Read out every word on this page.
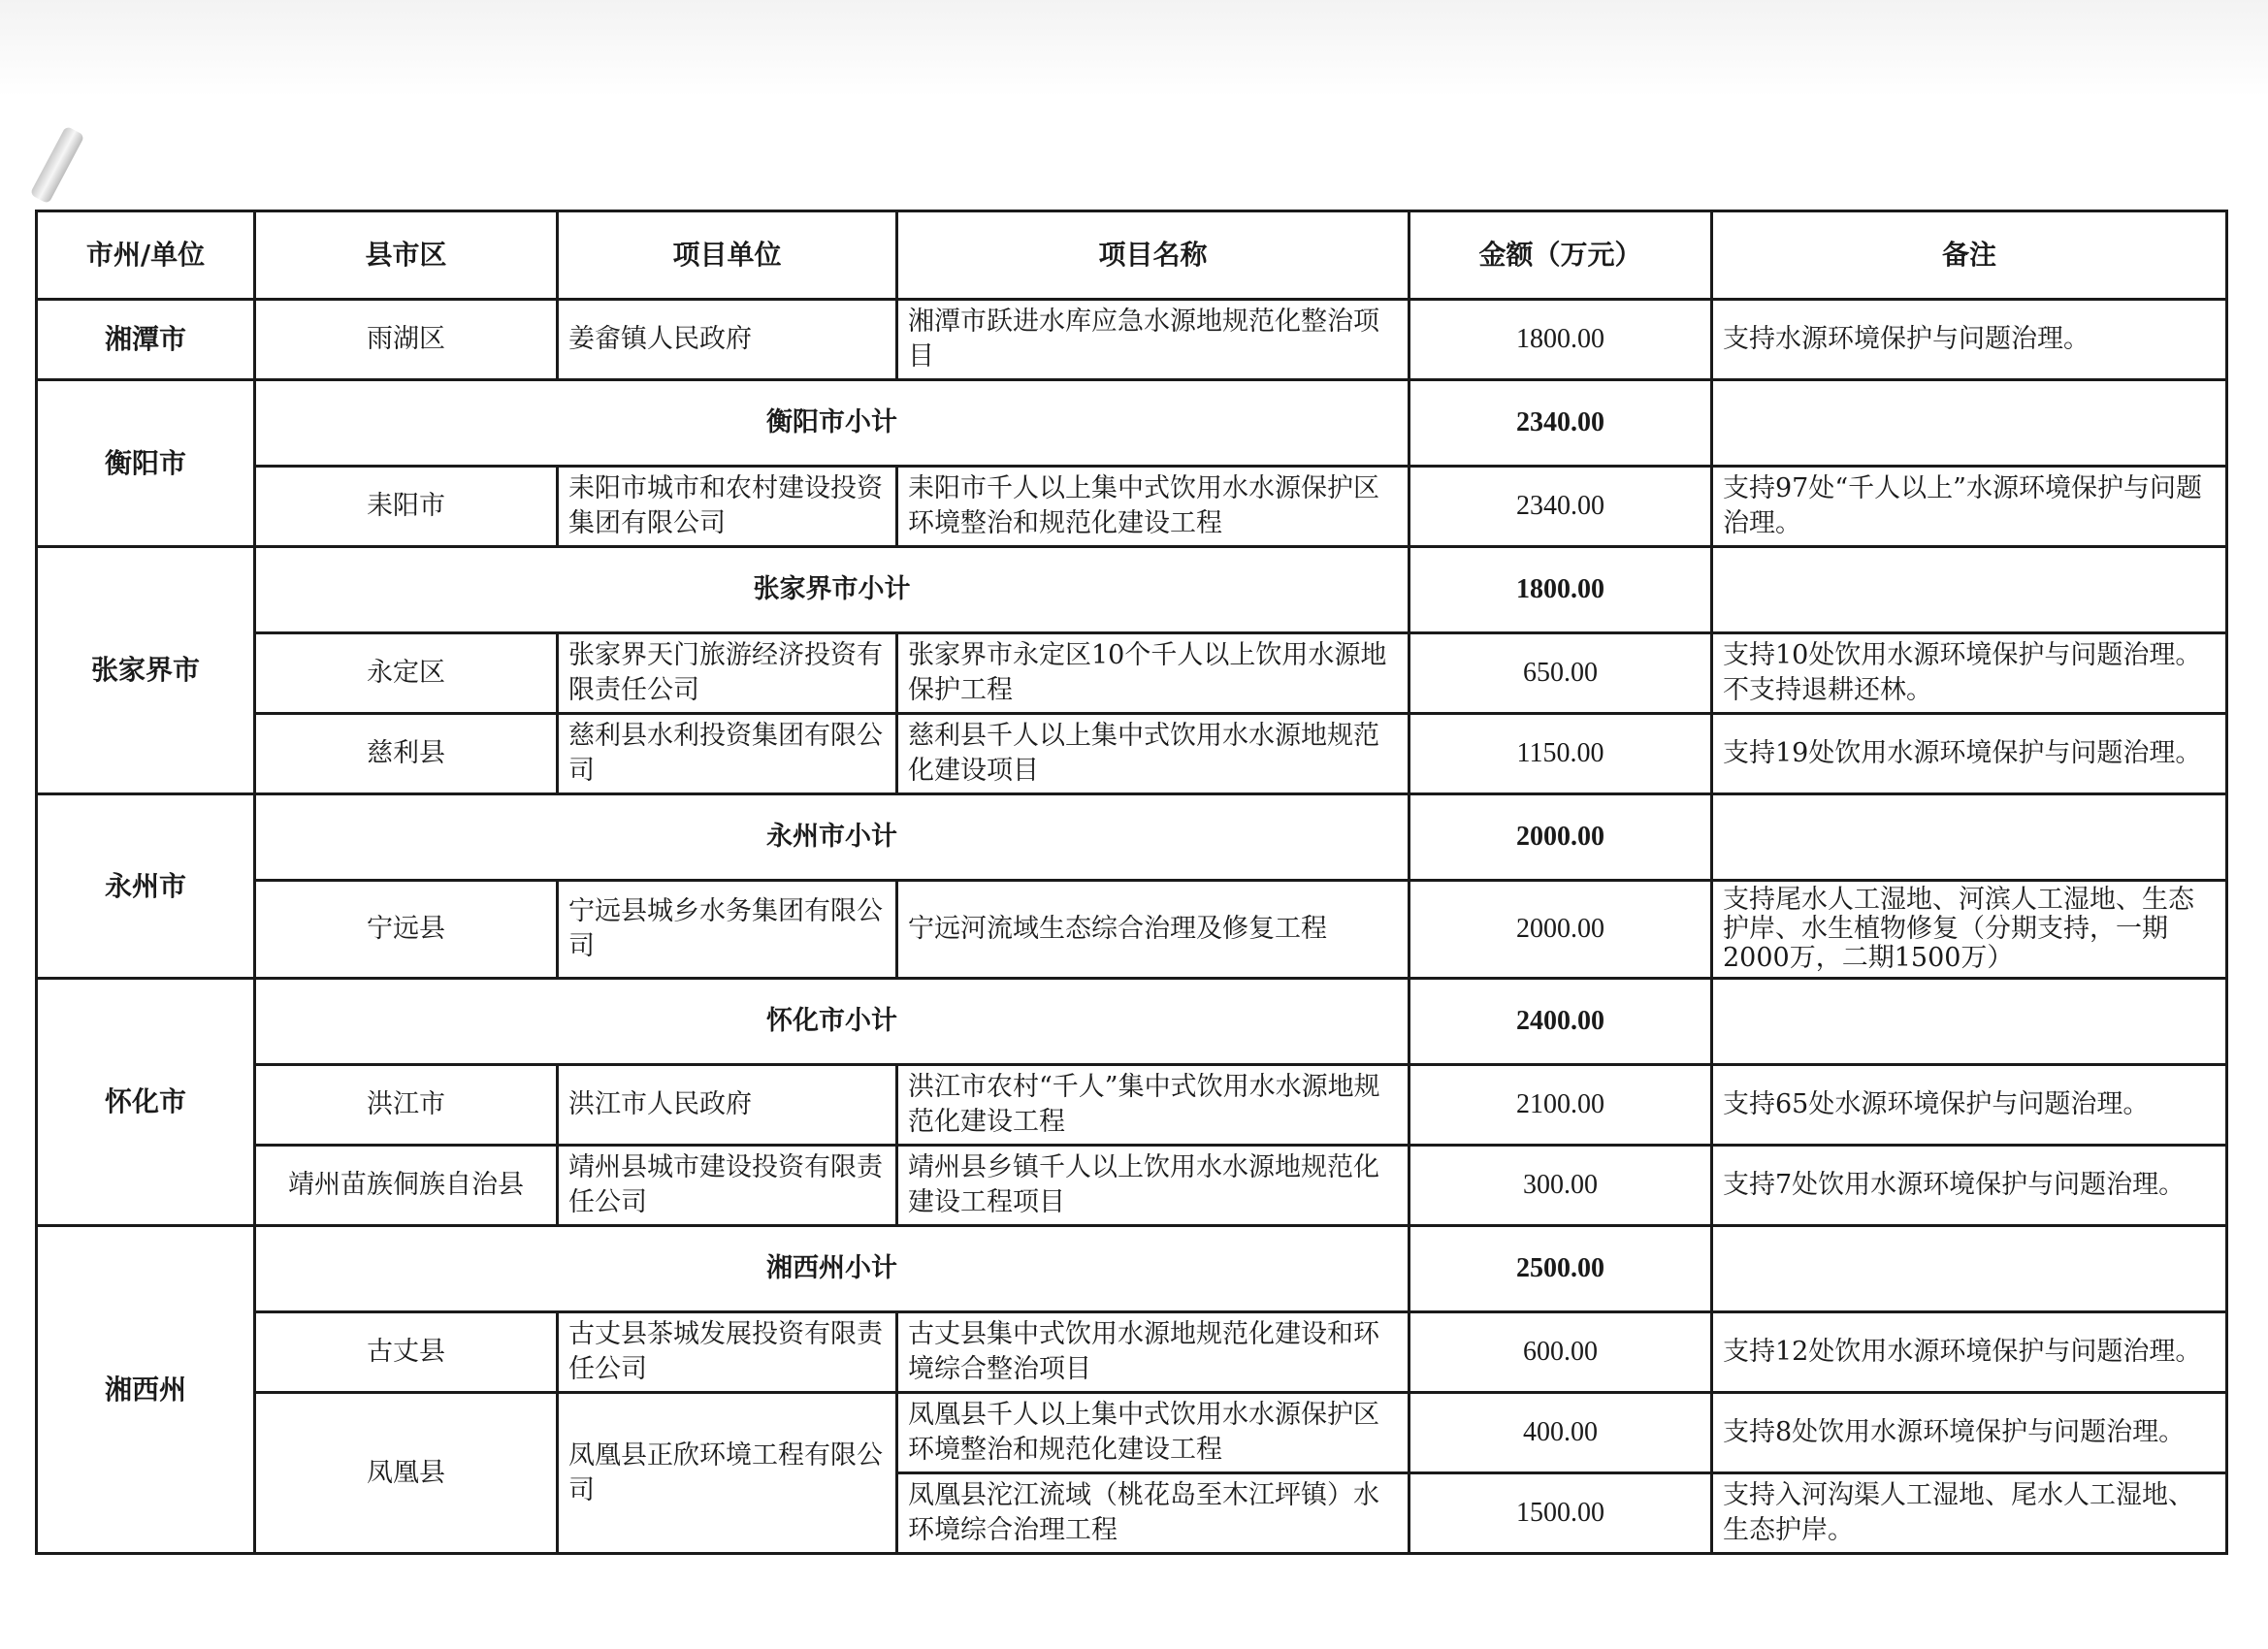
市州/单位	县市区	项目单位	项目名称	金额（万元）	备注
湘潭市	雨湖区	姜畲镇人民政府	湘潭市跃进水库应急水源地规范化整治项目	1800.00	支持水源环境保护与问题治理。
衡阳市	衡阳市小计			2340.00	
	耒阳市	耒阳市城市和农村建设投资集团有限公司	耒阳市千人以上集中式饮用水水源保护区环境整治和规范化建设工程	2340.00	支持97处“千人以上”水源环境保护与问题治理。
张家界市	张家界市小计			1800.00	
	永定区	张家界天门旅游经济投资有限责任公司	张家界市永定区10个千人以上饮用水源地保护工程	650.00	支持10处饮用水源环境保护与问题治理。不支持退耕还林。
	慈利县	慈利县水利投资集团有限公司	慈利县千人以上集中式饮用水水源地规范化建设项目	1150.00	支持19处饮用水源环境保护与问题治理。
永州市	永州市小计			2000.00	
	宁远县	宁远县城乡水务集团有限公司	宁远河流域生态综合治理及修复工程	2000.00	支持尾水人工湿地、河滨人工湿地、生态护岸、水生植物修复（分期支持，一期2000万，二期1500万）
怀化市	怀化市小计			2400.00	
	洪江市	洪江市人民政府	洪江市农村“千人”集中式饮用水水源地规范化建设工程	2100.00	支持65处水源环境保护与问题治理。
	靖州苗族侗族自治县	靖州县城市建设投资有限责任公司	靖州县乡镇千人以上饮用水水源地规范化建设工程项目	300.00	支持7处饮用水源环境保护与问题治理。
湘西州	湘西州小计			2500.00	
	古丈县	古丈县茶城发展投资有限责任公司	古丈县集中式饮用水源地规范化建设和环境综合整治项目	600.00	支持12处饮用水源环境保护与问题治理。
	凤凰县	凤凰县正欣环境工程有限公司	凤凰县千人以上集中式饮用水水源保护区环境整治和规范化建设工程	400.00	支持8处饮用水源环境保护与问题治理。
			凤凰县沱江流域（桃花岛至木江坪镇）水环境综合治理工程	1500.00	支持入河沟渠人工湿地、尾水人工湿地、生态护岸。
